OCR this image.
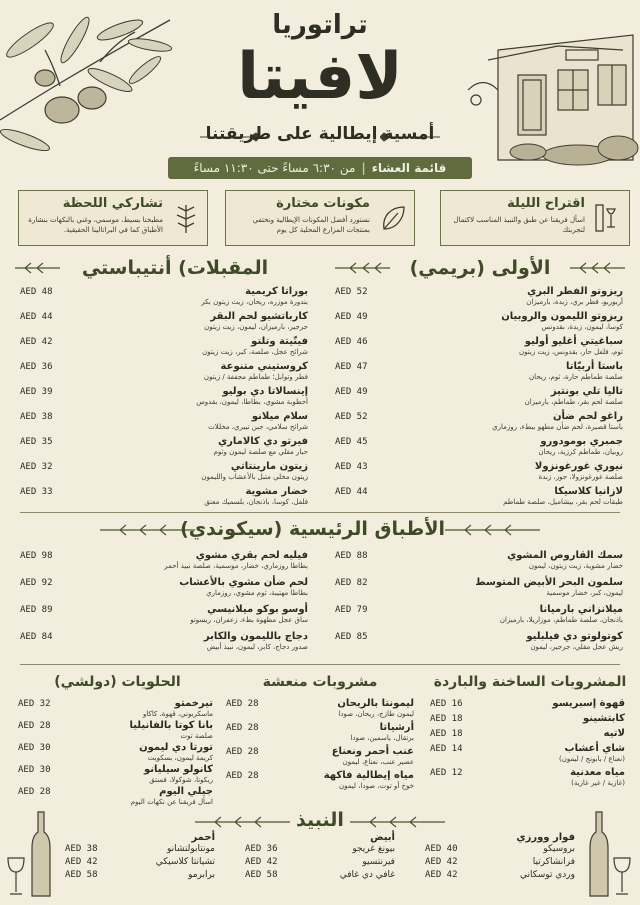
تراتوريا
لافيتا
أمسية إيطالية على طريقتنا
قائمة العشاء
|
من ٦:٣٠ مساءً حتى ١١:٣٠ مساءً
اقتراح الليلة
اسأل فريقنا عن طبق والنبيذ المناسب لاكتمال لتجربتك
مكونات مختارة
نستورد أفضل المكونات الإيطالية ونختفي بمنتجات المزارع المحلية كل يوم
تشاركي اللحظة
مطبخنا بسيط، موسمي، وغني بالنكهات بنشارة الأطباق كما في البراتالينا الحقيقية.
الأولى (بريمي)
المقبلات) أنتيباستي
ريزوتو الفطر البري
أربوريو، فطر بري، زبدة، بارميزان
AED 52
ريزوتو الليمون والروبيان
كوسا، ليمون، زبدة، بقدونس
AED 49
سباغيتي أغليو أوليو
ثوم، فلفل حار، بقدونس، زيت زيتون
AED 46
باستا أربيّاتا
صلصة طماطم حارة، ثوم، ريحان
AED 47
تاليا تلي بونتيز
صلصة لحم بقر، طماطم، بارميزان
AED 49
راغو لحم ضأن
باستا قصيرة، لحم ضأن مطهو ببطء، روزماري
AED 52
جمبري بومودورو
روبيان، طماطم كرزية، ريحان
AED 45
نيوري غورغونزولا
صلصة غورغونزولا، جوز، زبدة
AED 43
لازانيا كلاسيكا
طبقات لحم بقر، بيشاميل، صلصة طماطم
AED 44
بوراتا كريمية
بندورة موزره، ريحان، زيت زيتون بكر
AED 48
كارباتشيو لحم البقر
جرجير، بارميزان، ليمون، زيت زيتون
AED 44
فيتّيتة وتلتو
شرائح عجل، صلصة، كبر، زيت زيتون
AED 42
كروستيني متنوعة
فطر وتوابل؛ طماطم مجففة / زيتون
AED 36
إينسالاتا دي بوليو
أحطوبة مشوي، بطاطا، ليمون، بقدوس
AED 39
سلام ميلانو
شرائح سلامي، جبن تيبري، مخللات
AED 38
فيرتو دي كالاماري
حبار مقلي مع صلصة ليمون وثوم
AED 35
زيتون مارينتاتي
زيتون مخلي متبل بالأعشاب والليمون
AED 32
خضار مشوية
فلفل، كوسا، باذنجان، بلسميك معتق
AED 33
الأطباق الرئيسية (سيكوندي)
سمك القاروص المشوي
خضار مشوية، زيت زيتون، ليمون
AED 88
سلمون البحر الأبيض المتوسط
ليمون، كبر، خضار موسمية
AED 82
ميلانزاني بارميانا
باذنجان، صلصة طماطم، موزاريلا، بارميزان
AED 79
كوتولوتو دي فيلبليو
ريش عجل مقلي، جرجير، ليمون
AED 85
فيليه لحم بقري مشوي
بطاطا روزماري، خضار، موسمية، صلصة نبيذ أحمر
AED 98
لحم ضأن مشوي بالأعشاب
بطاطا مهتيبة، ثوم مشوي، روزماري
AED 92
أوسو بوكو ميلانيسي
ساق عجل مطهوة بطء، زعفران، ريسوتو
AED 89
دجاج بالليمون والكابر
صدور دجاج، كابر، ليمون، نبيذ أبيض
AED 84
المشروبات الساخنة والباردة
مشروبات منعشة
الحلويات (دولشي)
قهوة إسبريسو
AED 16
كابتشينو
AED 18
لاتيه
AED 18
شاي أعشاب
(نعناع / بابونج / ليمون)
AED 14
مياه معدنية
(غازية / غير غازية)
AED 12
ليمونتا بالريحان
ليمون طازج، ريحان، صودا
AED 28
أرشياتا
برتقال، ياسمين، صودا
AED 28
عنب أحمر ونعناع
عصير عنب، نعناع، ليمون
AED 28
مياه إيطالية فاكهة
خوخ أو توت، صودا، ليمون
AED 28
تيرخمتو
ماسكربوني، قهوة، كاكاو
AED 32
بانا كوتا بالفانيليا
صلصة توت
AED 28
تورتا دي ليمون
كريمة ليمون، بسكويت
AED 30
كانولو سيليانو
ريكوتا، شوكولا، فستق
AED 30
جيلي اليوم
اسأل فريقنا عن نكهات اليوم
AED 28
النبيذ
فوار وورزي
بروسيكو
AED 40
فرانشاكرتيا
AED 42
وردي توسكاني
AED 42
أبيض
بيونغ غريجو
AED 36
فيرنتسيو
AED 42
غافي دي غافي
AED 58
أحمر
مونتابولتشانو
AED 38
تشيانتا كلاسيكي
AED 42
برابرمو
AED 58
